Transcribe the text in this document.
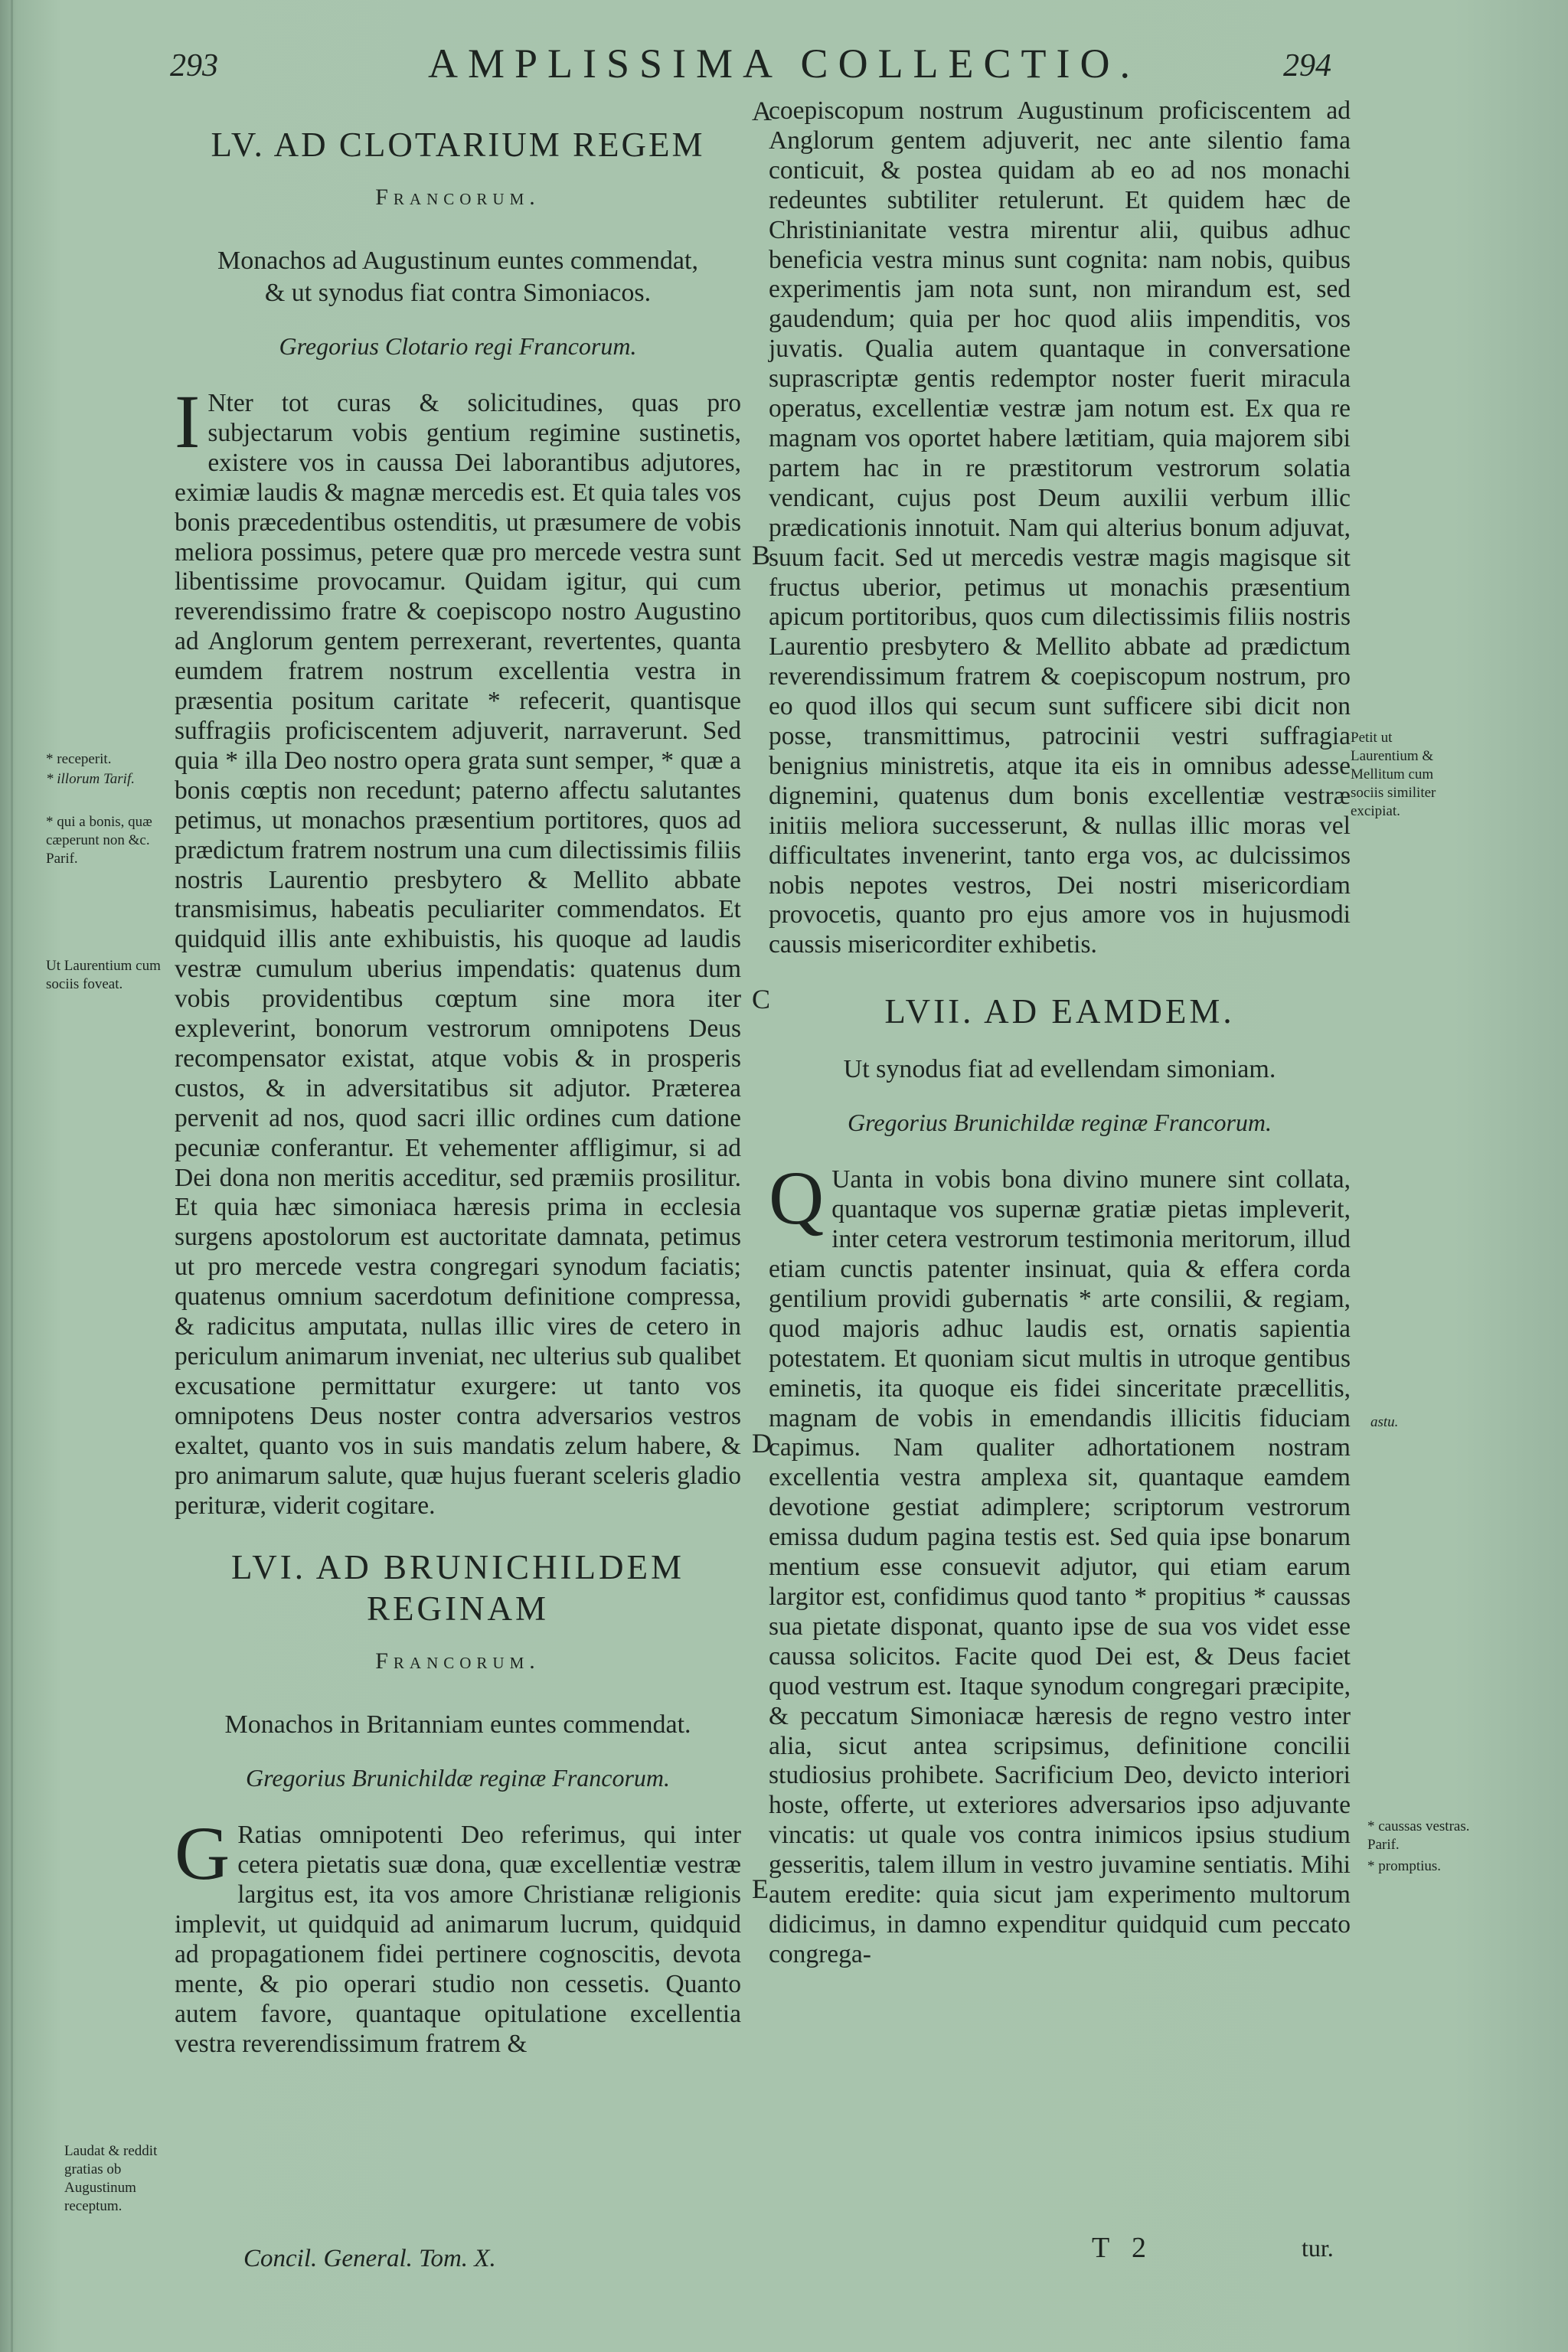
293	AMPLISSIMA COLLECTIO.	294
LV. AD CLOTARIUM REGEM
Francorum.
Monachos ad Augustinum euntes commendat,
& ut synodus fiat contra Simoniacos.
Gregorius Clotario regi Francorum.

I Nter tot curas & solicitudines, quas pro subjectarum vobis gentium regimine sustinetis, existere vos in caussa Dei laborantibus adjutores, eximiæ laudis & magnæ mercedis est. Et quia tales vos bonis præcedentibus ostenditis, ut præsumere de vobis meliora possimus, petere quæ pro mercede vestra sunt libentissime provocamur. Quidam igitur, qui cum reverendissimo fratre & coepiscopo nostro Augustino ad Anglorum gentem perrexerant, revertentes, quanta eumdem fratrem nostrum excellentia vestra in præsentia positum caritate * refecerit, quantisque suffragiis proficiscentem adjuverit, narraverunt. Sed quia * illa Deo nostro opera grata sunt semper, * quæ a bonis cœptis non recedunt; paterno affectu salutantes petimus, ut monachos præsentium portitores, quos ad prædictum fratrem nostrum una cum dilectissimis filiis nostris Laurentio presbytero & Mellito abbate transmisimus, habeatis peculiariter commendatos. Et quidquid illis ante exhibuistis, his quoque ad laudis vestræ cumulum uberius impendatis: quatenus dum vobis providentibus cœptum sine mora iter expleverint, bonorum vestrorum omnipotens Deus recompensator existat, atque vobis & in prosperis custos, & in adversitatibus sit adjutor. Præterea pervenit ad nos, quod sacri illic ordines cum datione pecuniæ conferantur. Et vehementer affligimur, si ad Dei dona non meritis acceditur, sed præmiis prosilitur. Et quia hæc simoniaca hæresis prima in ecclesia surgens apostolorum est auctoritate damnata, petimus ut pro mercede vestra congregari synodum faciatis; quatenus omnium sacerdotum definitione compressa, & radicitus amputata, nullas illic vires de cetero in periculum animarum inveniat, nec ulterius sub qualibet excusatione permittatur exurgere: ut tanto vos omnipotens Deus noster contra adversarios vestros exaltet, quanto vos in suis mandatis zelum habere, & pro animarum salute, quæ hujus fuerant sceleris gladio perituræ, viderit cogitare.

LVI. AD BRUNICHILDEM REGINAM
Francorum.
Monachos in Britanniam euntes commendat.
Gregorius Brunichildæ reginæ Francorum.

G Ratias omnipotenti Deo referimus, qui inter cetera pietatis suæ dona, quæ excellentiæ vestræ largitus est, ita vos amore Christianæ religionis implevit, ut quidquid ad animarum lucrum, quidquid ad propagationem fidei pertinere cognoscitis, devota mente, & pio operari studio non cessetis. Quanto autem favore, quantaque opitulatione excellentia vestra reverendissimum fratrem &

coepiscopum nostrum Augustinum proficiscentem ad Anglorum gentem adjuverit, nec ante silentio fama conticuit, & postea quidam ab eo ad nos monachi redeuntes subtiliter retulerunt. Et quidem hæc de Christinianitate vestra mirentur alii, quibus adhuc beneficia vestra minus sunt cognita: nam nobis, quibus experimentis jam nota sunt, non mirandum est, sed gaudendum; quia per hoc quod aliis impenditis, vos juvatis. Qualia autem quantaque in conversatione suprascriptæ gentis redemptor noster fuerit miracula operatus, excellentiæ vestræ jam notum est. Ex qua re magnam vos oportet habere lætitiam, quia majorem sibi partem hac in re præstitorum vestrorum solatia vendicant, cujus post Deum auxilii verbum illic prædicationis innotuit. Nam qui alterius bonum adjuvat, suum facit. Sed ut mercedis vestræ magis magisque sit fructus uberior, petimus ut monachis præsentium apicum portitoribus, quos cum dilectissimis filiis nostris Laurentio presbytero & Mellito abbate ad prædictum reverendissimum fratrem & coepiscopum nostrum, pro eo quod illos qui secum sunt sufficere sibi dicit non posse, transmittimus, patrocinii vestri suffragia benignius ministretis, atque ita eis in omnibus adesse dignemini, quatenus dum bonis excellentiæ vestræ initiis meliora successerunt, & nullas illic moras vel difficultates invenerint, tanto erga vos, ac dulcissimos nobis nepotes vestros, Dei nostri misericordiam provocetis, quanto pro ejus amore vos in hujusmodi caussis misericorditer exhibetis.

LVII. AD EAMDEM.
Ut synodus fiat ad evellendam simoniam.
Gregorius Brunichildæ reginæ Francorum.

Q Uanta in vobis bona divino munere sint collata, quantaque vos supernæ gratiæ pietas impleverit, inter cetera vestrorum testimonia meritorum, illud etiam cunctis patenter insinuat, quia & effera corda gentilium providi gubernatis * arte consilii, & regiam, quod majoris adhuc laudis est, ornatis sapientia potestatem. Et quoniam sicut multis in utroque gentibus eminetis, ita quoque eis fidei sinceritate præcellitis, magnam de vobis in emendandis illicitis fiduciam capimus. Nam qualiter adhortationem nostram excellentia vestra amplexa sit, quantaque eamdem devotione gestiat adimplere; scriptorum vestrorum emissa dudum pagina testis est. Sed quia ipse bonarum mentium esse consuevit adjutor, qui etiam earum largitor est, confidimus quod tanto * propitius * caussas sua pietate disponat, quanto ipse de sua vos videt esse caussa solicitos. Facite quod Dei est, & Deus faciet quod vestrum est. Itaque synodum congregari præcipite, & peccatum Simoniacæ hæresis de regno vestro inter alia, sicut antea scripsimus, definitione concilii studiosius prohibete. Sacrificium Deo, devicto interiori hoste, offerte, ut exteriores adversarios ipso adjuvante vincatis: ut quale vos contra inimicos ipsius studium gesseritis, talem illum in vestro juvamine sentiatis. Mihi autem eredite: quia sicut jam experimento multorum didicimus, in damno expenditur quidquid cum peccato congrega-

A
B
C
D
E
* receperit.
* illorum Tarif.
* qui a bonis, quæ cæperunt non &c. Parif.
Ut Laurentium cum sociis foveat.
Laudat & reddit gratias ob Augustinum receptum.
Petit ut Laurentium & Mellitum cum sociis similiter excipiat.
astu.
* caussas vestras. Parif.
* promptius.
Concil. General. Tom. X.	T 2	tur.
